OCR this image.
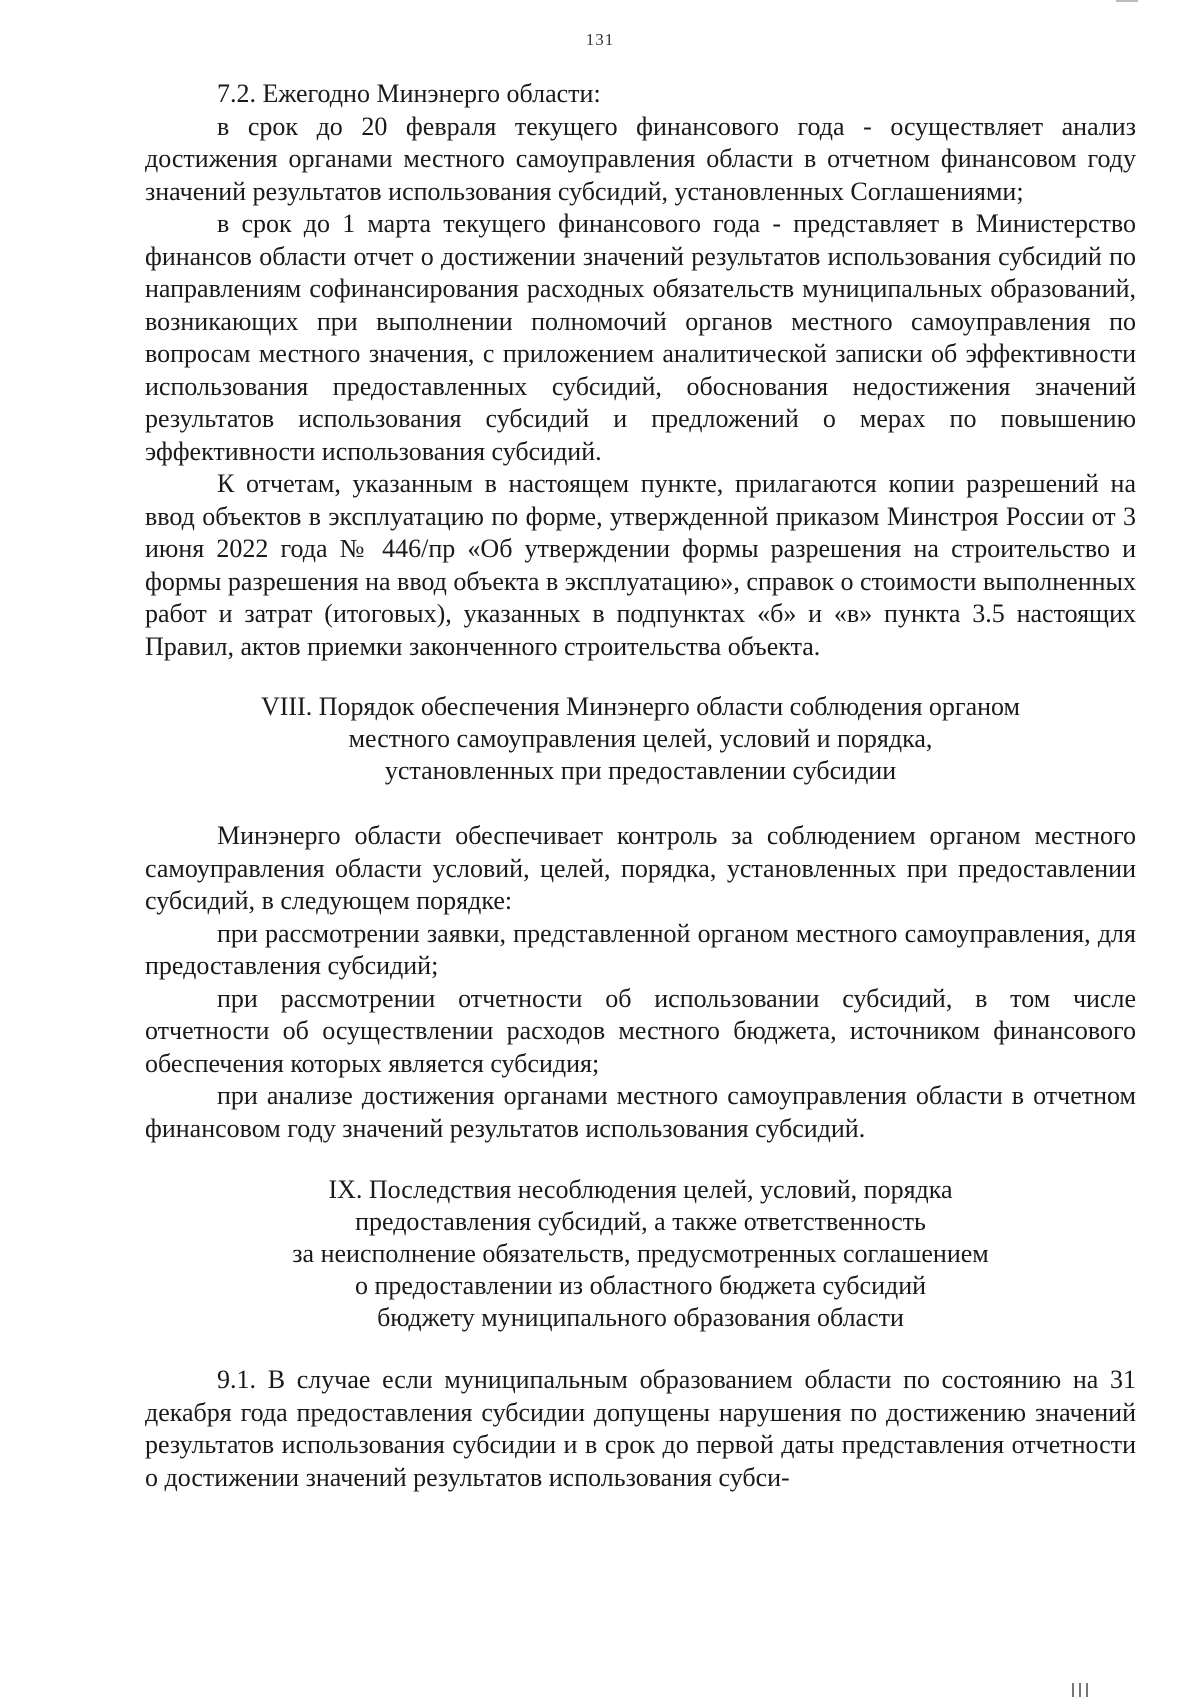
131

7.2. Ежегодно Минэнерго области:

в срок до 20 февраля текущего финансового года - осуществляет анализ достижения органами местного самоуправления области в отчетном финансовом году значений результатов использования субсидий, установленных Соглашениями;

в срок до 1 марта текущего финансового года - представляет в Министерство финансов области отчет о достижении значений результатов использования субсидий по направлениям софинансирования расходных обязательств муниципальных образований, возникающих при выполнении полномочий органов местного самоуправления по вопросам местного значения, с приложением аналитической записки об эффективности использования предоставленных субсидий, обоснования недостижения значений результатов использования субсидий и предложений о мерах по повышению эффективности использования субсидий.

К отчетам, указанным в настоящем пункте, прилагаются копии разрешений на ввод объектов в эксплуатацию по форме, утвержденной приказом Минстроя России от 3 июня 2022 года № 446/пр «Об утверждении формы разрешения на строительство и формы разрешения на ввод объекта в эксплуатацию», справок о стоимости выполненных работ и затрат (итоговых), указанных в подпунктах «б» и «в» пункта 3.5 настоящих Правил, актов приемки законченного строительства объекта.

VIII. Порядок обеспечения Минэнерго области соблюдения органом
местного самоуправления целей, условий и порядка,
установленных при предоставлении субсидии

Минэнерго области обеспечивает контроль за соблюдением органом местного самоуправления области условий, целей, порядка, установленных при предоставлении субсидий, в следующем порядке:

при рассмотрении заявки, представленной органом местного самоуправления, для предоставления субсидий;

при рассмотрении отчетности об использовании субсидий, в том числе отчетности об осуществлении расходов местного бюджета, источником финансового обеспечения которых является субсидия;

при анализе достижения органами местного самоуправления области в отчетном финансовом году значений результатов использования субсидий.

IX. Последствия несоблюдения целей, условий, порядка
предоставления субсидий, а также ответственность
за неисполнение обязательств, предусмотренных соглашением
о предоставлении из областного бюджета субсидий
бюджету муниципального образования области

9.1. В случае если муниципальным образованием области по состоянию на 31 декабря года предоставления субсидии допущены нарушения по достижению значений результатов использования субсидии и в срок до первой даты представления отчетности о достижении значений результатов использования субси-
